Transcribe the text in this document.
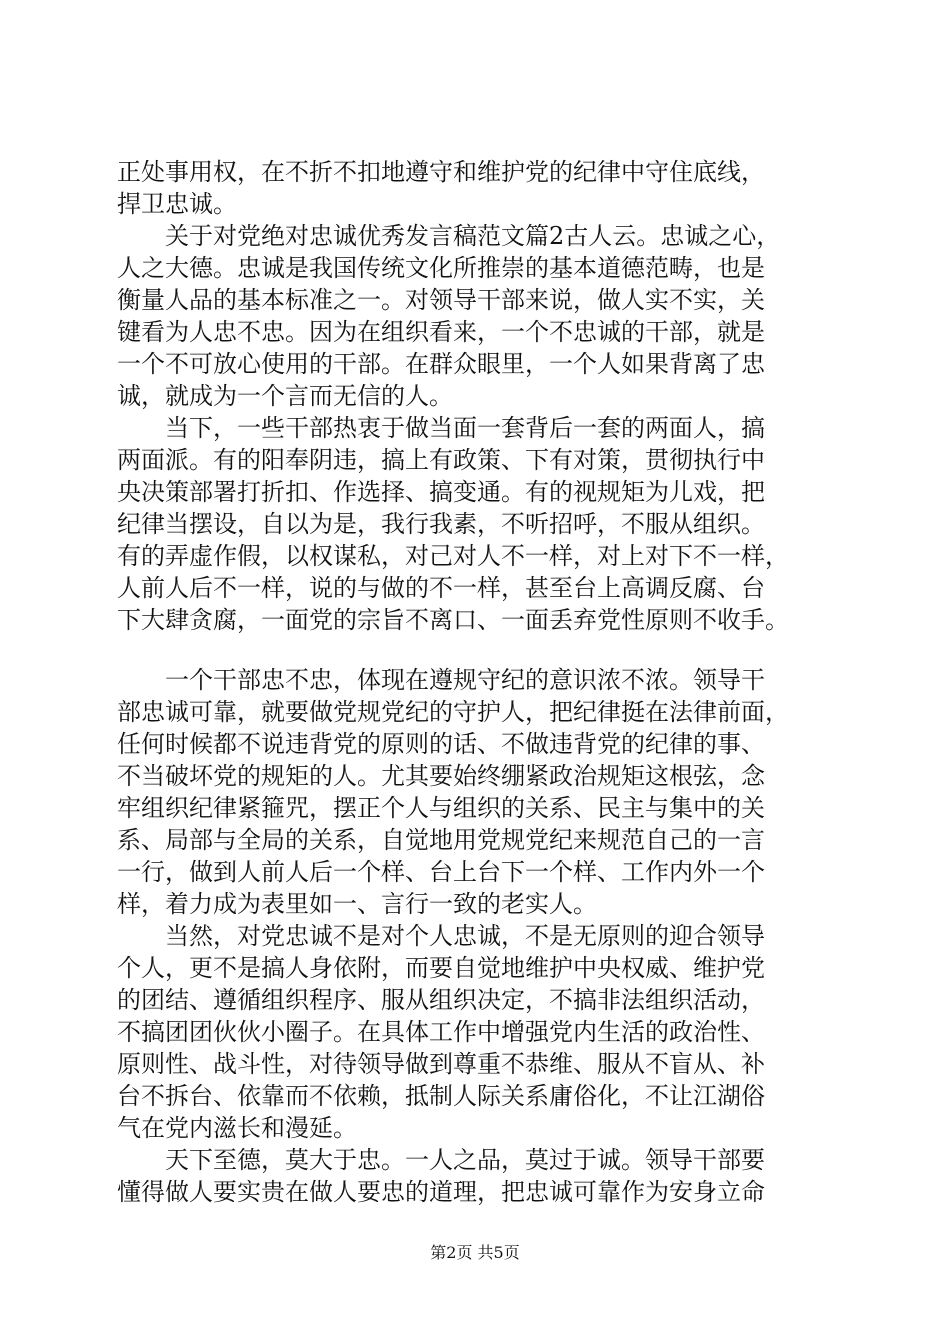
正处事用权，在不折不扣地遵守和维护党的纪律中守住底线，
捍卫忠诚。
　　关于对党绝对忠诚优秀发言稿范文篇2古人云。忠诚之心，
人之大德。忠诚是我国传统文化所推崇的基本道德范畴，也是
衡量人品的基本标准之一。对领导干部来说，做人实不实，关
键看为人忠不忠。因为在组织看来，一个不忠诚的干部，就是
一个不可放心使用的干部。在群众眼里，一个人如果背离了忠
诚，就成为一个言而无信的人。
　　当下，一些干部热衷于做当面一套背后一套的两面人，搞
两面派。有的阳奉阴违，搞上有政策、下有对策，贯彻执行中
央决策部署打折扣、作选择、搞变通。有的视规矩为儿戏，把
纪律当摆设，自以为是，我行我素，不听招呼，不服从组织。
有的弄虚作假，以权谋私，对己对人不一样，对上对下不一样，
人前人后不一样，说的与做的不一样，甚至台上高调反腐、台
下大肆贪腐，一面党的宗旨不离口、一面丢弃党性原则不收手。
　　一个干部忠不忠，体现在遵规守纪的意识浓不浓。领导干
部忠诚可靠，就要做党规党纪的守护人，把纪律挺在法律前面，
任何时候都不说违背党的原则的话、不做违背党的纪律的事、
不当破坏党的规矩的人。尤其要始终绷紧政治规矩这根弦，念
牢组织纪律紧箍咒，摆正个人与组织的关系、民主与集中的关
系、局部与全局的关系，自觉地用党规党纪来规范自己的一言
一行，做到人前人后一个样、台上台下一个样、工作内外一个
样，着力成为表里如一、言行一致的老实人。
　　当然，对党忠诚不是对个人忠诚，不是无原则的迎合领导
个人，更不是搞人身依附，而要自觉地维护中央权威、维护党
的团结、遵循组织程序、服从组织决定，不搞非法组织活动，
不搞团团伙伙小圈子。在具体工作中增强党内生活的政治性、
原则性、战斗性，对待领导做到尊重不恭维、服从不盲从、补
台不拆台、依靠而不依赖，抵制人际关系庸俗化，不让江湖俗
气在党内滋长和漫延。
　　天下至德，莫大于忠。一人之品，莫过于诚。领导干部要
懂得做人要实贵在做人要忠的道理，把忠诚可靠作为安身立命
第2页 共5页
